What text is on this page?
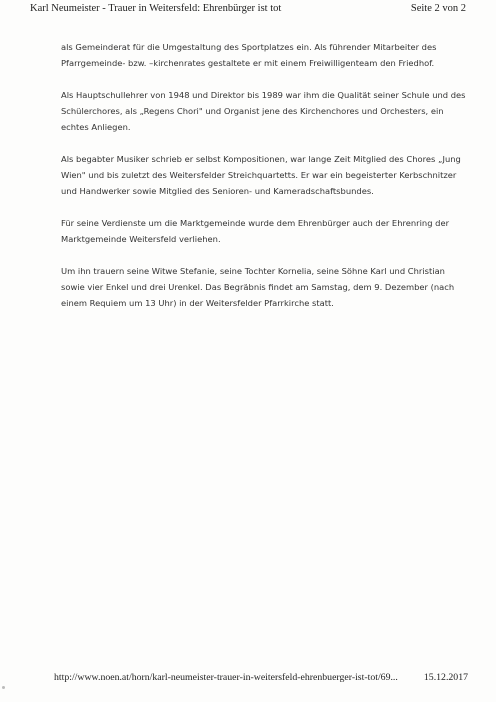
Karl Neumeister - Trauer in Weitersfeld: Ehrenbürger ist tot	Seite 2 von 2

als Gemeinderat für die Umgestaltung des Sportplatzes ein. Als führender Mitarbeiter des Pfarrgemeinde- bzw. –kirchenrates gestaltete er mit einem Freiwilligenteam den Friedhof.

Als Hauptschullehrer von 1948 und Direktor bis 1989 war ihm die Qualität seiner Schule und des Schülerchores, als „Regens Chori" und Organist jene des Kirchenchores und Orchesters, ein echtes Anliegen.

Als begabter Musiker schrieb er selbst Kompositionen, war lange Zeit Mitglied des Chores „Jung Wien" und bis zuletzt des Weitersfelder Streichquartetts. Er war ein begeisterter Kerbschnitzer und Handwerker sowie Mitglied des Senioren- und Kameradschaftsbundes.

Für seine Verdienste um die Marktgemeinde wurde dem Ehrenbürger auch der Ehrenring der Marktgemeinde Weitersfeld verliehen.

Um ihn trauern seine Witwe Stefanie, seine Tochter Kornelia, seine Söhne Karl und Christian sowie vier Enkel und drei Urenkel. Das Begräbnis findet am Samstag, dem 9. Dezember (nach einem Requiem um 13 Uhr) in der Weitersfelder Pfarrkirche statt.

http://www.noen.at/horn/karl-neumeister-trauer-in-weitersfeld-ehrenbuerger-ist-tot/69...	15.12.2017
